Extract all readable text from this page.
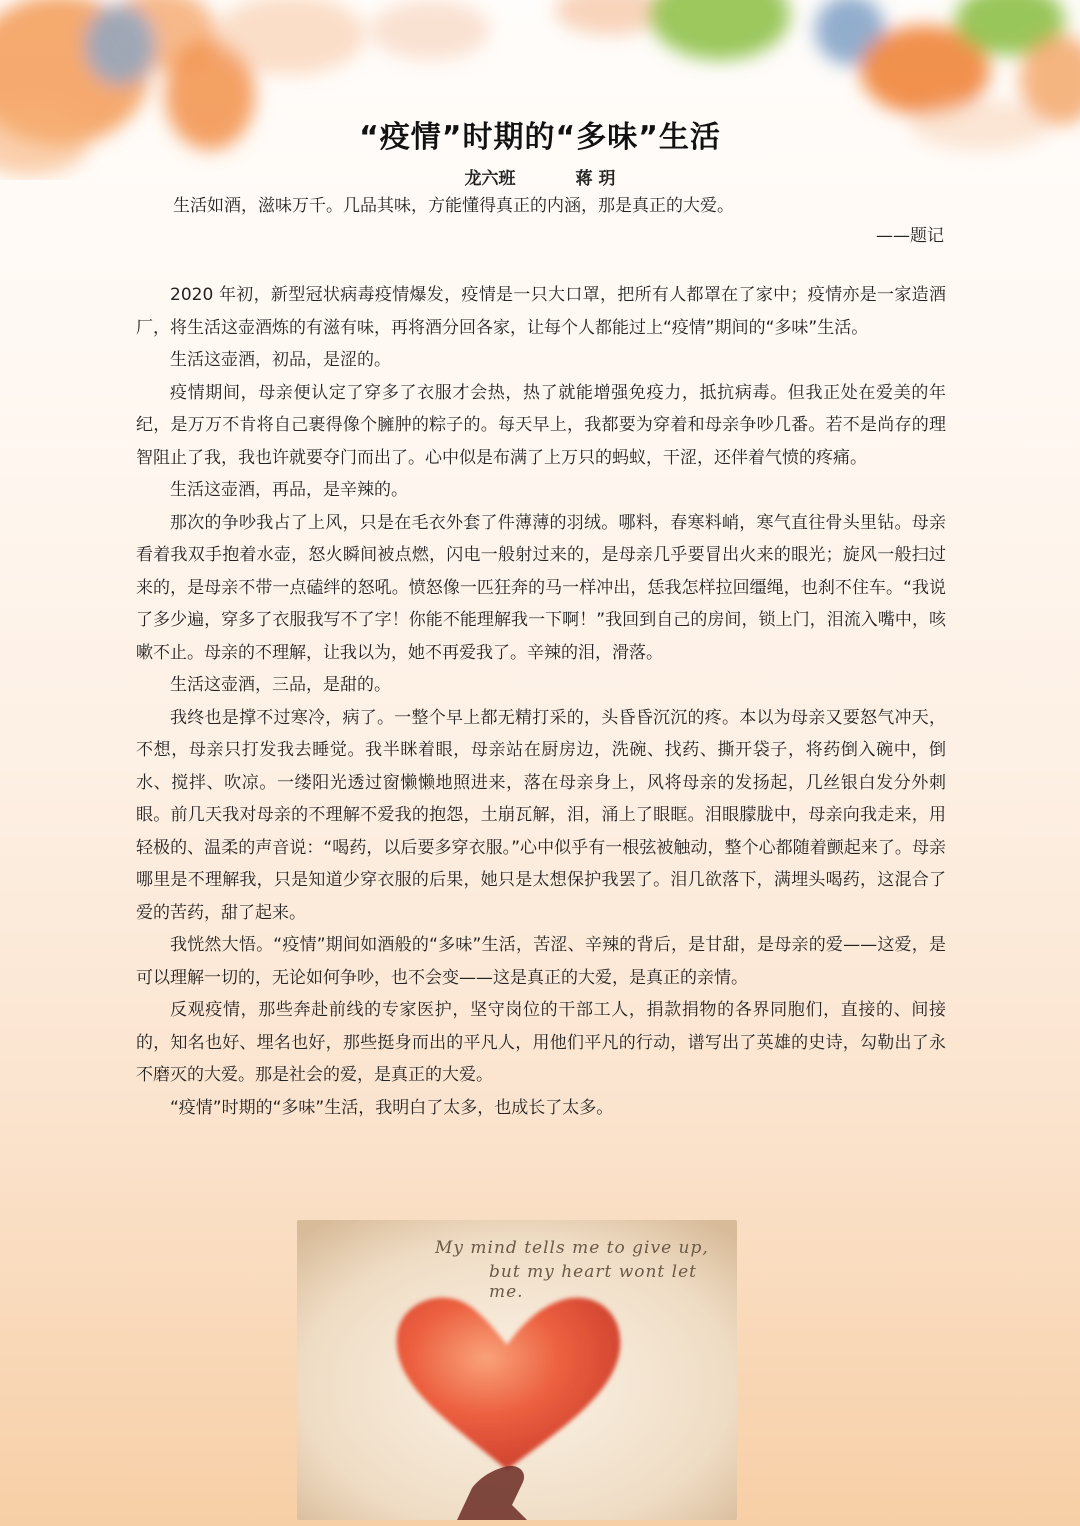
“疫情”时期的“多味”生活
龙六班	蒋 玥
生活如酒，滋味万千。几品其味，方能懂得真正的内涵，那是真正的大爱。
——题记

2020 年初，新型冠状病毒疫情爆发，疫情是一只大口罩，把所有人都罩在了家中；疫情亦是一家造酒厂，将生活这壶酒炼的有滋有味，再将酒分回各家，让每个人都能过上“疫情”期间的“多味”生活。

生活这壶酒，初品，是涩的。

疫情期间，母亲便认定了穿多了衣服才会热，热了就能增强免疫力，抵抗病毒。但我正处在爱美的年纪，是万万不肯将自己裹得像个臃肿的粽子的。每天早上，我都要为穿着和母亲争吵几番。若不是尚存的理智阻止了我，我也许就要夺门而出了。心中似是布满了上万只的蚂蚁，干涩，还伴着气愤的疼痛。

生活这壶酒，再品，是辛辣的。

那次的争吵我占了上风，只是在毛衣外套了件薄薄的羽绒。哪料，春寒料峭，寒气直往骨头里钻。母亲看着我双手抱着水壶，怒火瞬间被点燃，闪电一般射过来的，是母亲几乎要冒出火来的眼光；旋风一般扫过来的，是母亲不带一点磕绊的怒吼。愤怒像一匹狂奔的马一样冲出，恁我怎样拉回缰绳，也刹不住车。“我说了多少遍，穿多了衣服我写不了字！你能不能理解我一下啊！”我回到自己的房间，锁上门，泪流入嘴中，咳嗽不止。母亲的不理解，让我以为，她不再爱我了。辛辣的泪，滑落。

生活这壶酒，三品，是甜的。

我终也是撑不过寒冷，病了。一整个早上都无精打采的，头昏昏沉沉的疼。本以为母亲又要怒气冲天，不想，母亲只打发我去睡觉。我半眯着眼，母亲站在厨房边，洗碗、找药、撕开袋子，将药倒入碗中，倒水、搅拌、吹凉。一缕阳光透过窗懒懒地照进来，落在母亲身上，风将母亲的发扬起，几丝银白发分外刺眼。前几天我对母亲的不理解不爱我的抱怨，土崩瓦解，泪，涌上了眼眶。泪眼朦胧中，母亲向我走来，用轻极的、温柔的声音说：“喝药，以后要多穿衣服。”心中似乎有一根弦被触动，整个心都随着颤起来了。母亲哪里是不理解我，只是知道少穿衣服的后果，她只是太想保护我罢了。泪几欲落下，满埋头喝药，这混合了爱的苦药，甜了起来。

我恍然大悟。“疫情”期间如酒般的“多味”生活，苦涩、辛辣的背后，是甘甜，是母亲的爱——这爱，是可以理解一切的，无论如何争吵，也不会变——这是真正的大爱，是真正的亲情。

反观疫情，那些奔赴前线的专家医护，坚守岗位的干部工人，捐款捐物的各界同胞们，直接的、间接的，知名也好、埋名也好，那些挺身而出的平凡人，用他们平凡的行动，谱写出了英雄的史诗，勾勒出了永不磨灭的大爱。那是社会的爱，是真正的大爱。

“疫情”时期的“多味”生活，我明白了太多，也成长了太多。

My mind tells me to give up,
but my heart wont let me.
